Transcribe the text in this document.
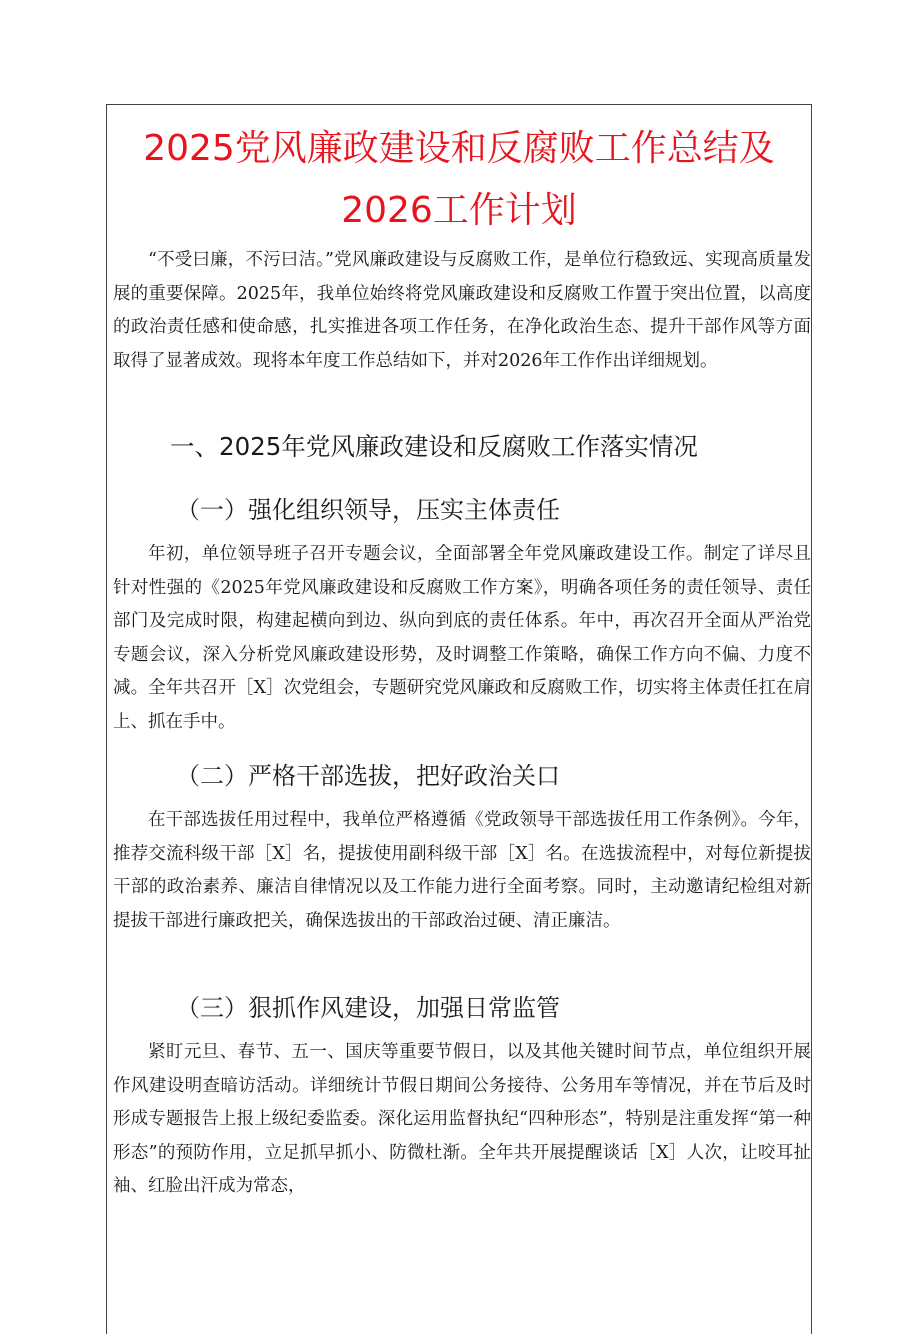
2025党风廉政建设和反腐败工作总结及
2026工作计划

“不受曰廉，不污曰洁。”党风廉政建设与反腐败工作，是单位行稳致远、实现高质量发展的重要保障。2025年，我单位始终将党风廉政建设和反腐败工作置于突出位置，以高度的政治责任感和使命感，扎实推进各项工作任务，在净化政治生态、提升干部作风等方面取得了显著成效。现将本年度工作总结如下，并对2026年工作作出详细规划。

一、2025年党风廉政建设和反腐败工作落实情况
（一）强化组织领导，压实主体责任

年初，单位领导班子召开专题会议，全面部署全年党风廉政建设工作。制定了详尽且针对性强的《2025年党风廉政建设和反腐败工作方案》，明确各项任务的责任领导、责任部门及完成时限，构建起横向到边、纵向到底的责任体系。年中，再次召开全面从严治党专题会议，深入分析党风廉政建设形势，及时调整工作策略，确保工作方向不偏、力度不减。全年共召开［X］次党组会，专题研究党风廉政和反腐败工作，切实将主体责任扛在肩上、抓在手中。

（二）严格干部选拔，把好政治关口

在干部选拔任用过程中，我单位严格遵循《党政领导干部选拔任用工作条例》。今年，推荐交流科级干部［X］名，提拔使用副科级干部［X］名。在选拔流程中，对每位新提拔干部的政治素养、廉洁自律情况以及工作能力进行全面考察。同时，主动邀请纪检组对新提拔干部进行廉政把关，确保选拔出的干部政治过硬、清正廉洁。

（三）狠抓作风建设，加强日常监管

紧盯元旦、春节、五一、国庆等重要节假日，以及其他关键时间节点，单位组织开展作风建设明查暗访活动。详细统计节假日期间公务接待、公务用车等情况，并在节后及时形成专题报告上报上级纪委监委。深化运用监督执纪“四种形态”，特别是注重发挥“第一种形态”的预防作用，立足抓早抓小、防微杜渐。全年共开展提醒谈话［X］人次，让咬耳扯袖、红脸出汗成为常态，
